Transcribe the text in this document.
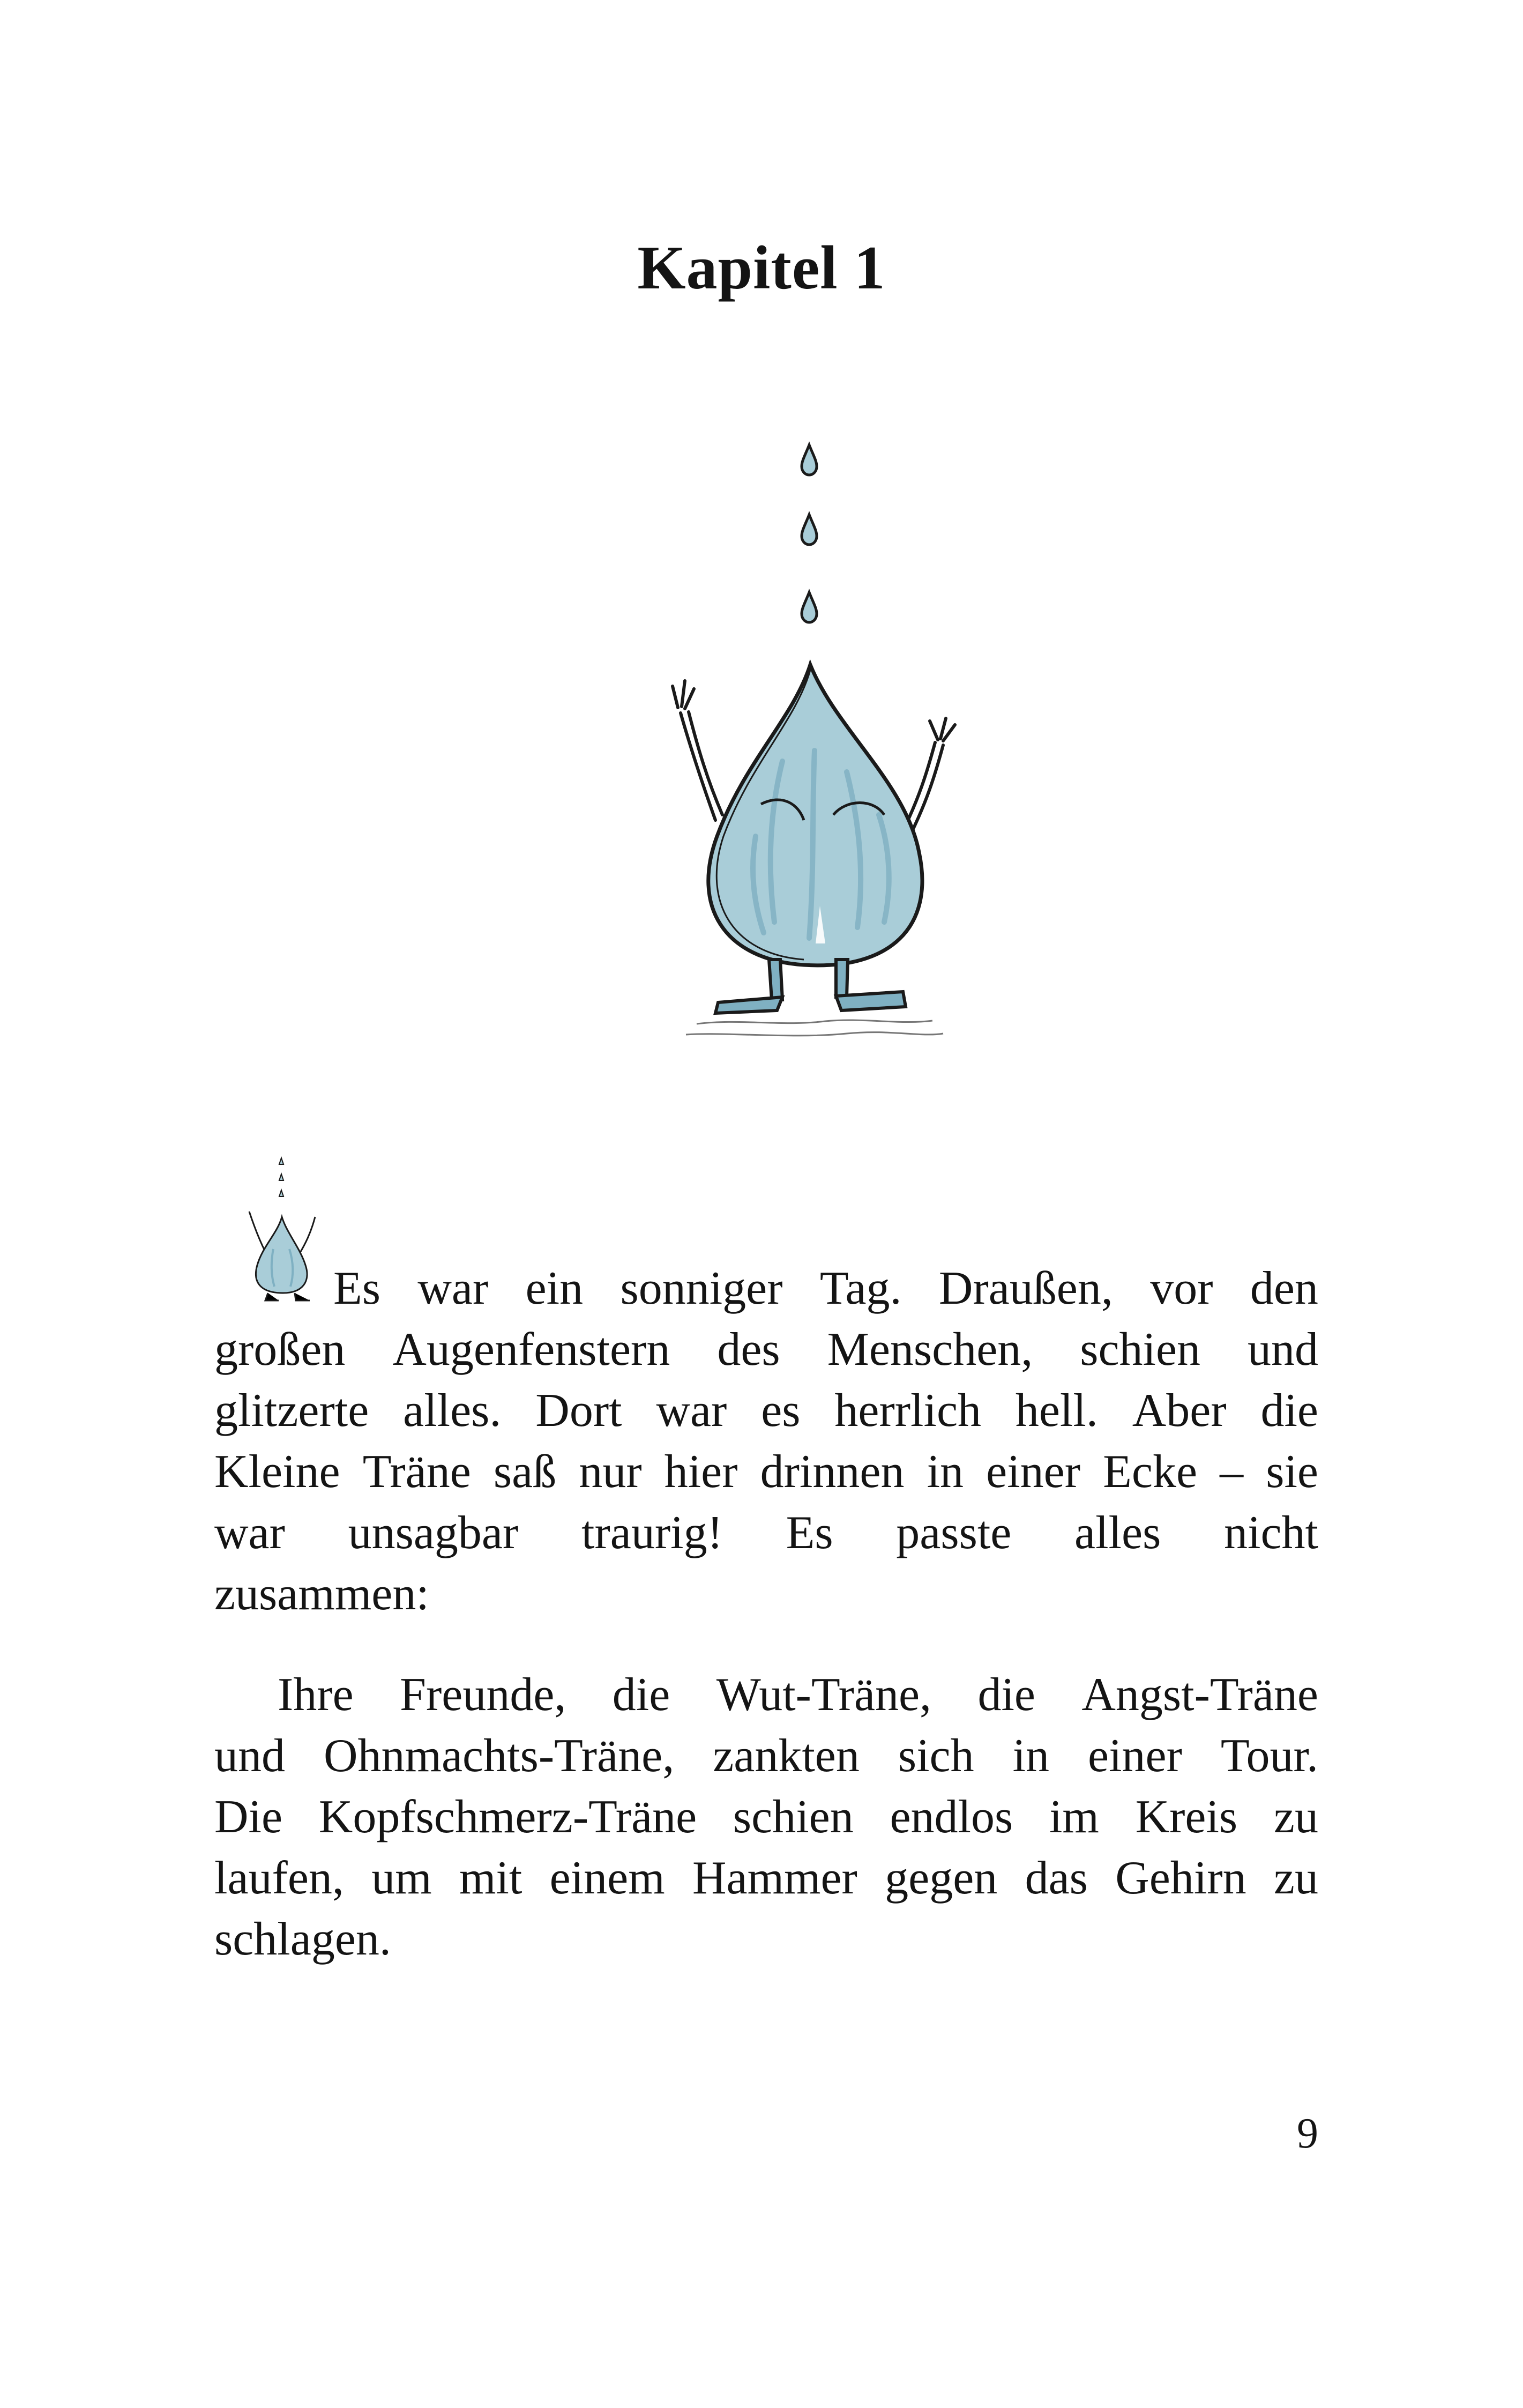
Kapitel 1
Es war ein sonniger Tag. Draußen, vor den
großen Augenfenstern des Menschen, schien und
glitzerte alles. Dort war es herrlich hell. Aber die
Kleine Träne saß nur hier drinnen in einer Ecke – sie
war unsagbar traurig! Es passte alles nicht
zusammen:
Ihre Freunde, die Wut-Träne, die Angst-Träne
und Ohnmachts-Träne, zankten sich in einer Tour.
Die Kopfschmerz-Träne schien endlos im Kreis zu
laufen, um mit einem Hammer gegen das Gehirn zu
schlagen.
9
